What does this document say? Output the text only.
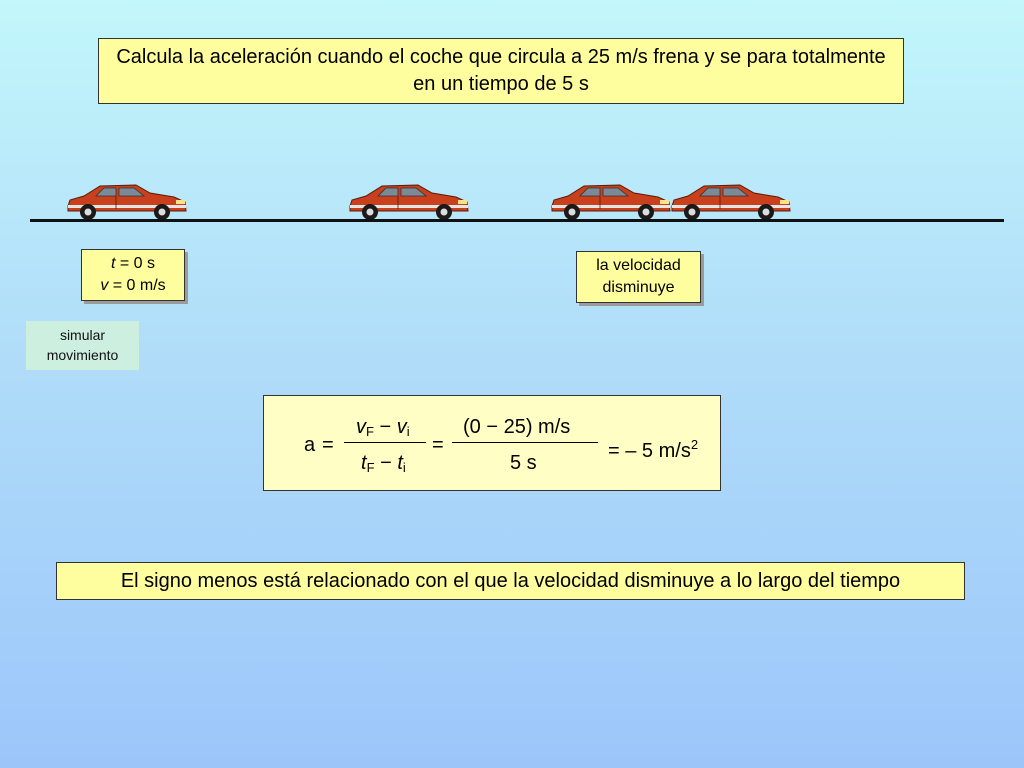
Calcula la aceleración cuando el coche que circula a 25 m/s frena y se para totalmente en un tiempo de 5 s
t = 0 s
v = 0 m/s
la velocidad
disminuye
simular
movimiento
a =
$v_F - v_i$
$t_F - t_i$
=
(0 − 25) m/s
5 s
= – 5 $m/s^2$
El signo menos está relacionado con el que la velocidad disminuye a lo largo del tiempo
